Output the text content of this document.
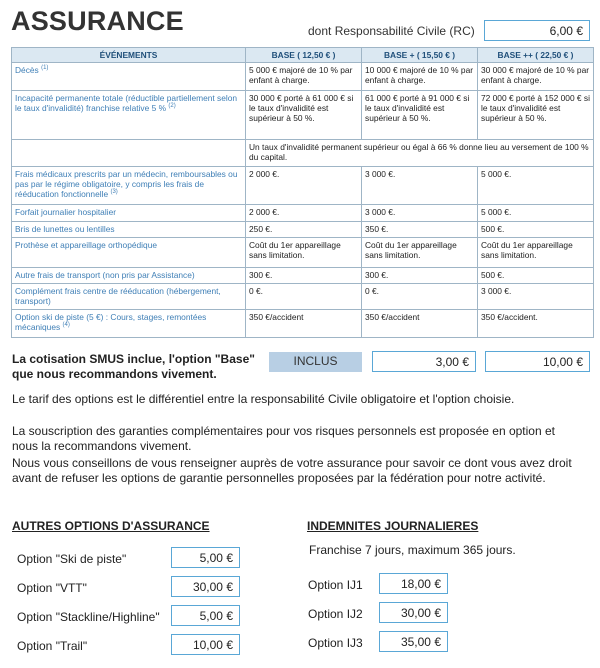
ASSURANCE	dont Responsabilité Civile (RC)	6,00 €
ÉVÉNEMENTS	BASE ( 12,50 € )	BASE + ( 15,50 € )	BASE ++ ( 22,50 € )
Décès $^{(1)}$	5 000 € majoré de 10 % par enfant à charge.	10 000 € majoré de 10 % par enfant à charge.	30 000 € majoré de 10 % par enfant à charge.
Incapacité permanente totale (réductible partiellement selon le taux d'invalidité) franchise relative 5 % $^{(2)}$	30 000 € porté à 61 000 € si le taux d'invalidité est supérieur à 50 %.	61 000 € porté à 91 000 € si le taux d'invalidité est supérieur à 50 %.	72 000 € porté à 152 000 € si le taux d'invalidité est supérieur à 50 %.
	Un taux d'invalidité permanent supérieur ou égal à 66 % donne lieu au versement de 100 % du capital.		
Frais médicaux prescrits par un médecin, remboursables ou pas par le régime obligatoire, y compris les frais de rééducation fonctionnelle $^{(3)}$	2 000 €.	3 000 €.	5 000 €.
Forfait journalier hospitalier	2 000 €.	3 000 €.	5 000 €.
Bris de lunettes ou lentilles	250 €.	350 €.	500 €.
Prothèse et appareillage orthopédique	Coût du 1er appareillage sans limitation.	Coût du 1er appareillage sans limitation.	Coût du 1er appareillage sans limitation.
Autre frais de transport (non pris par Assistance)	300 €.	300 €.	500 €.
Complément frais centre de rééducation (hébergement, transport)	0 €.	0 €.	3 000 €.
Option ski de piste (5 €) : Cours, stages, remontées mécaniques $^{(4)}$	350 €/accident	350 €/accident	350 €/accident.
La cotisation SMUS inclue, l'option "Base"
que nous recommandons vivement.
INCLUS	3,00 €	10,00 €
Le tarif des options est le différentiel entre la responsabilité Civile obligatoire et l'option choisie.
La souscription des garanties complémentaires pour vos risques personnels est proposée en option et
nous la recommandons vivement.
Nous vous conseillons de vous renseigner auprès de votre assurance pour savoir ce dont vous avez droit
avant de refuser les options de garantie personnelles proposées par la fédération pour notre activité.
AUTRES OPTIONS D'ASSURANCE
Option "Ski de piste"	5,00 €
Option "VTT"	30,00 €
Option "Stackline/Highline"	5,00 €
Option "Trail"	10,00 €
INDEMNITES JOURNALIERES
Franchise 7 jours, maximum 365 jours.
Option IJ1	18,00 €
Option IJ2	30,00 €
Option IJ3	35,00 €
